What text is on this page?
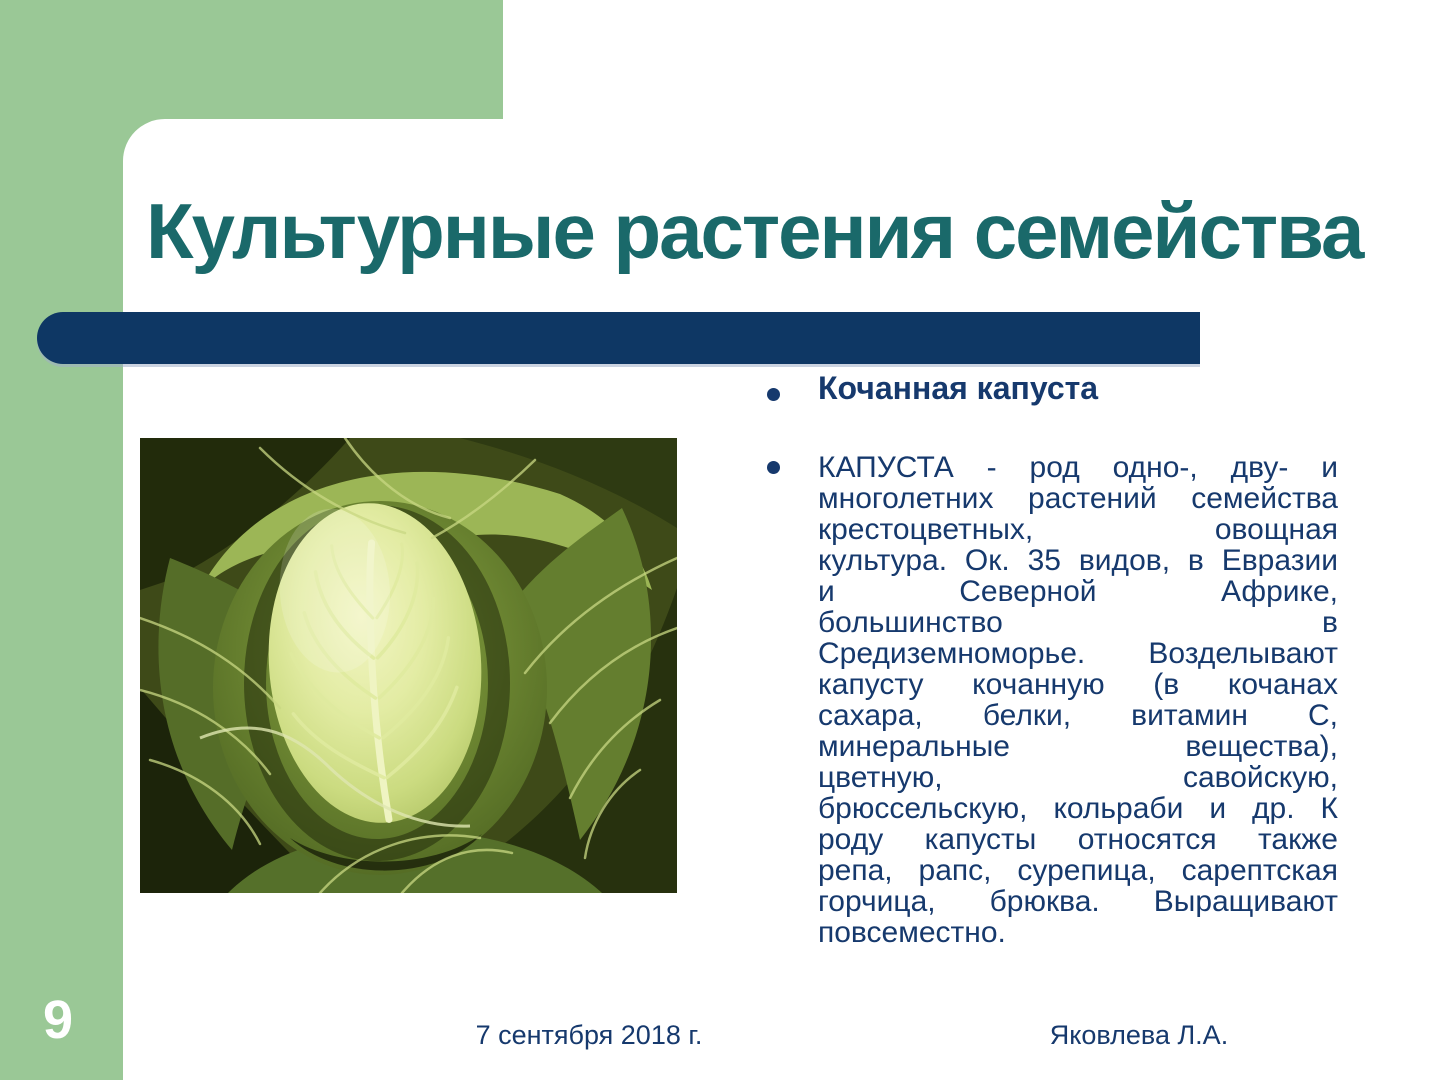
Культурные растения семейства
Кочанная капуста
КАПУСТА - род одно-, дву- и
многолетних растений семейства
крестоцветных, овощная
культура. Ок. 35 видов, в Евразии
и Северной Африке,
большинство в
Средиземноморье. Возделывают
капусту кочанную (в кочанах
сахара, белки, витамин С,
минеральные вещества),
цветную, савойскую,
брюссельскую, кольраби и др. К
роду капусты относятся также
репа, рапс, сурепица, сарептская
горчица, брюква. Выращивают
повсеместно.
7 сентября 2018 г.	Яковлева Л.А.
9
